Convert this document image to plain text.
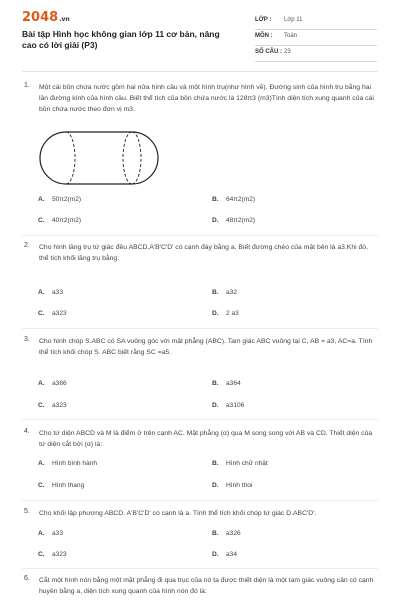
2048.vn
Bài tập Hình học không gian lớp 11 cơ bản, nâng cao có lời giải (P3)
LỚP : Lớp 11
MÔN : Toán
SỐ CÂU : 23
1. Một cái bồn chứa nước gồm hai nửa hình cầu và một hình trụ(như hình vẽ). Đường sinh của hình trụ bằng hai lần đường kính của hình cầu. Biết thể tích của bồn chứa nước là 128π3 (m3)Tính diện tích xung quanh của cái bồn chứa nước theo đơn vị m3.
A. 50π2(m2)	B. 64π2(m2)
C. 40π2(m2)	D. 48π2(m2)
2. Cho hình lăng trụ tứ giác đều ABCD.A'B'C'D' có cạnh đáy bằng a. Biết đường chéo của mặt bên là a3.Khi đó, thể tích khối lăng trụ bằng:
A. a33	B. a32
C. a323	D. 2 a3
3. Cho hình chóp S.ABC có SA vuông góc với mặt phẳng (ABC). Tam giác ABC vuông tại C, AB = a3, AC=a. Tính thể tích khối chóp S. ABC biết rằng SC =a5.
A. a366	B. a364
C. a323	D. a3106
4. Cho tứ diện ABCD và M là điểm ở trên cạnh AC. Mặt phẳng (α) qua M song song với AB và CD. Thiết diện của tứ diện cắt bởi (α) là:
A. Hình bình hành	B. Hình chữ nhật
C. Hình thang	D. Hình thoi
5. Cho khối lập phương ABCD. A'B'C'D' có cạnh là a. Tính thể tích khối chóp tứ giác D.ABC'D'.
A. a33	B. a326
C. a323	D. a34
6. Cắt một hình nón bằng một mặt phẳng đi qua trục của nó ta được thiết diện là một tam giác vuông cân có cạnh huyền bằng a, diện tích xung quanh của hình nón đó là:
